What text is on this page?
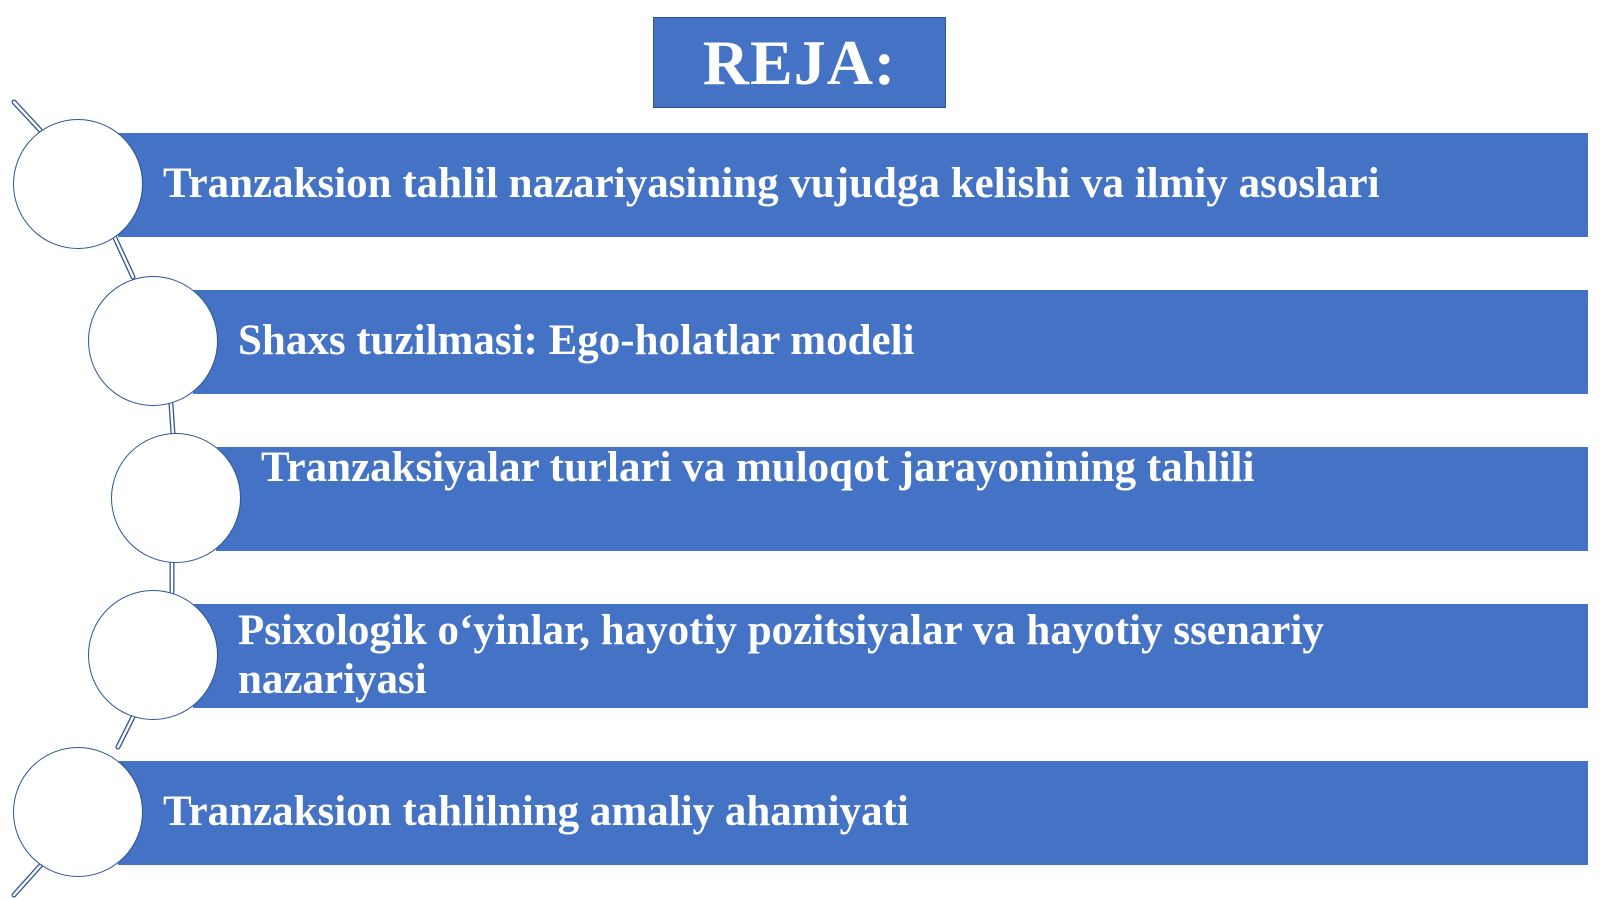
REJA:
Tranzaksion tahlil nazariyasining vujudga kelishi va ilmiy asoslari
Shaxs tuzilmasi: Ego-holatlar modeli
Tranzaksiyalar turlari va muloqot jarayonining tahlili
Psixologik o‘yinlar, hayotiy pozitsiyalar va hayotiy ssenariy nazariyasi
Tranzaksion tahlilning amaliy ahamiyati
